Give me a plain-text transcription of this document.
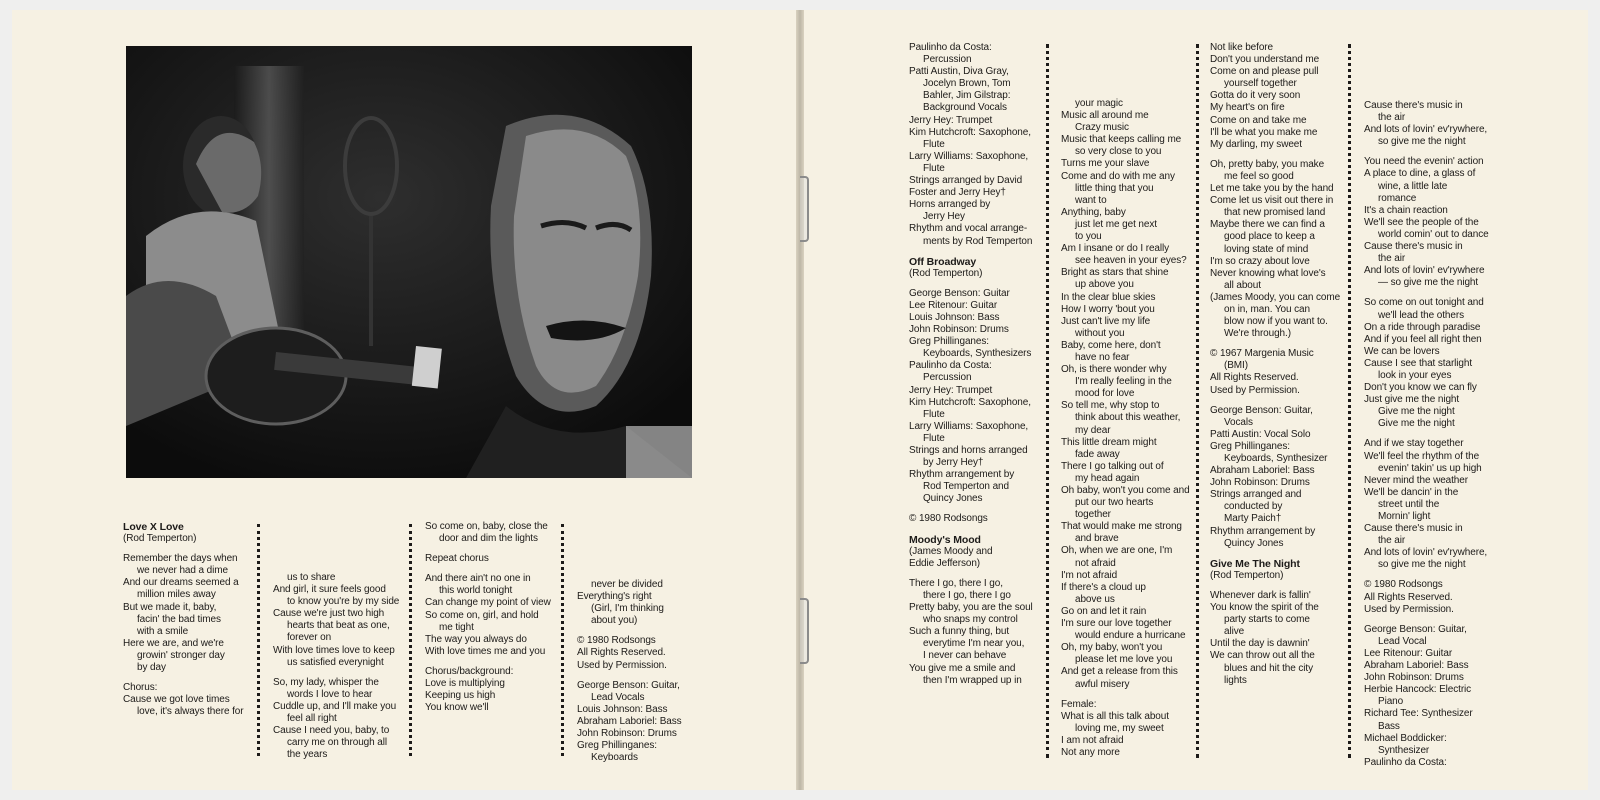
Love X Love
(Rod Temperton)
Remember the days when
we never had a dime
And our dreams seemed a
million miles away
But we made it, baby,
facin' the bad times
with a smile
Here we are, and we're
growin' stronger day
by day
Chorus:
Cause we got love times
love, it's always there for
us to share
And girl, it sure feels good
to know you're by my side
Cause we're just two high
hearts that beat as one,
forever on
With love times love to keep
us satisfied everynight
So, my lady, whisper the
words I love to hear
Cuddle up, and I'll make you
feel all right
Cause I need you, baby, to
carry me on through all
the years
So come on, baby, close the
door and dim the lights
Repeat chorus
And there ain't no one in
this world tonight
Can change my point of view
So come on, girl, and hold
me tight
The way you always do
With love times me and you
Chorus/background:
Love is multiplying
Keeping us high
You know we'll
never be divided
Everything's right
(Girl, I'm thinking
about you)
© 1980 Rodsongs
All Rights Reserved.
Used by Permission.
George Benson: Guitar,
Lead Vocals
Louis Johnson: Bass
Abraham Laboriel: Bass
John Robinson: Drums
Greg Phillinganes:
Keyboards
Paulinho da Costa:
Percussion
Patti Austin, Diva Gray,
Jocelyn Brown, Tom
Bahler, Jim Gilstrap:
Background Vocals
Jerry Hey: Trumpet
Kim Hutchcroft: Saxophone,
Flute
Larry Williams: Saxophone,
Flute
Strings arranged by David
Foster and Jerry Hey†
Horns arranged by
Jerry Hey
Rhythm and vocal arrange-
ments by Rod Temperton
Off Broadway
(Rod Temperton)
George Benson: Guitar
Lee Ritenour: Guitar
Louis Johnson: Bass
John Robinson: Drums
Greg Phillinganes:
Keyboards, Synthesizers
Paulinho da Costa:
Percussion
Jerry Hey: Trumpet
Kim Hutchcroft: Saxophone,
Flute
Larry Williams: Saxophone,
Flute
Strings and horns arranged
by Jerry Hey†
Rhythm arrangement by
Rod Temperton and
Quincy Jones
© 1980 Rodsongs
Moody's Mood
(James Moody and
Eddie Jefferson)
There I go, there I go,
there I go, there I go
Pretty baby, you are the soul
who snaps my control
Such a funny thing, but
everytime I'm near you,
I never can behave
You give me a smile and
then I'm wrapped up in
your magic
Music all around me
Crazy music
Music that keeps calling me
so very close to you
Turns me your slave
Come and do with me any
little thing that you
want to
Anything, baby
just let me get next
to you
Am I insane or do I really
see heaven in your eyes?
Bright as stars that shine
up above you
In the clear blue skies
How I worry 'bout you
Just can't live my life
without you
Baby, come here, don't
have no fear
Oh, is there wonder why
I'm really feeling in the
mood for love
So tell me, why stop to
think about this weather,
my dear
This little dream might
fade away
There I go talking out of
my head again
Oh baby, won't you come and
put our two hearts
together
That would make me strong
and brave
Oh, when we are one, I'm
not afraid
I'm not afraid
If there's a cloud up
above us
Go on and let it rain
I'm sure our love together
would endure a hurricane
Oh, my baby, won't you
please let me love you
And get a release from this
awful misery
Female:
What is all this talk about
loving me, my sweet
I am not afraid
Not any more
Not like before
Don't you understand me
Come on and please pull
yourself together
Gotta do it very soon
My heart's on fire
Come on and take me
I'll be what you make me
My darling, my sweet
Oh, pretty baby, you make
me feel so good
Let me take you by the hand
Come let us visit out there in
that new promised land
Maybe there we can find a
good place to keep a
loving state of mind
I'm so crazy about love
Never knowing what love's
all about
(James Moody, you can come
on in, man. You can
blow now if you want to.
We're through.)
© 1967 Margenia Music
(BMI)
All Rights Reserved.
Used by Permission.
George Benson: Guitar,
Vocals
Patti Austin: Vocal Solo
Greg Phillinganes:
Keyboards, Synthesizer
Abraham Laboriel: Bass
John Robinson: Drums
Strings arranged and
conducted by
Marty Paich†
Rhythm arrangement by
Quincy Jones
Give Me The Night
(Rod Temperton)
Whenever dark is fallin'
You know the spirit of the
party starts to come
alive
Until the day is dawnin'
We can throw out all the
blues and hit the city
lights
Cause there's music in
the air
And lots of lovin' ev'rywhere,
so give me the night
You need the evenin' action
A place to dine, a glass of
wine, a little late
romance
It's a chain reaction
We'll see the people of the
world comin' out to dance
Cause there's music in
the air
And lots of lovin' ev'rywhere
— so give me the night
So come on out tonight and
we'll lead the others
On a ride through paradise
And if you feel all right then
We can be lovers
Cause I see that starlight
look in your eyes
Don't you know we can fly
Just give me the night
Give me the night
Give me the night
And if we stay together
We'll feel the rhythm of the
evenin' takin' us up high
Never mind the weather
We'll be dancin' in the
street until the
Mornin' light
Cause there's music in
the air
And lots of lovin' ev'rywhere,
so give me the night
© 1980 Rodsongs
All Rights Reserved.
Used by Permission.
George Benson: Guitar,
Lead Vocal
Lee Ritenour: Guitar
Abraham Laboriel: Bass
John Robinson: Drums
Herbie Hancock: Electric
Piano
Richard Tee: Synthesizer
Bass
Michael Boddicker:
Synthesizer
Paulinho da Costa:
